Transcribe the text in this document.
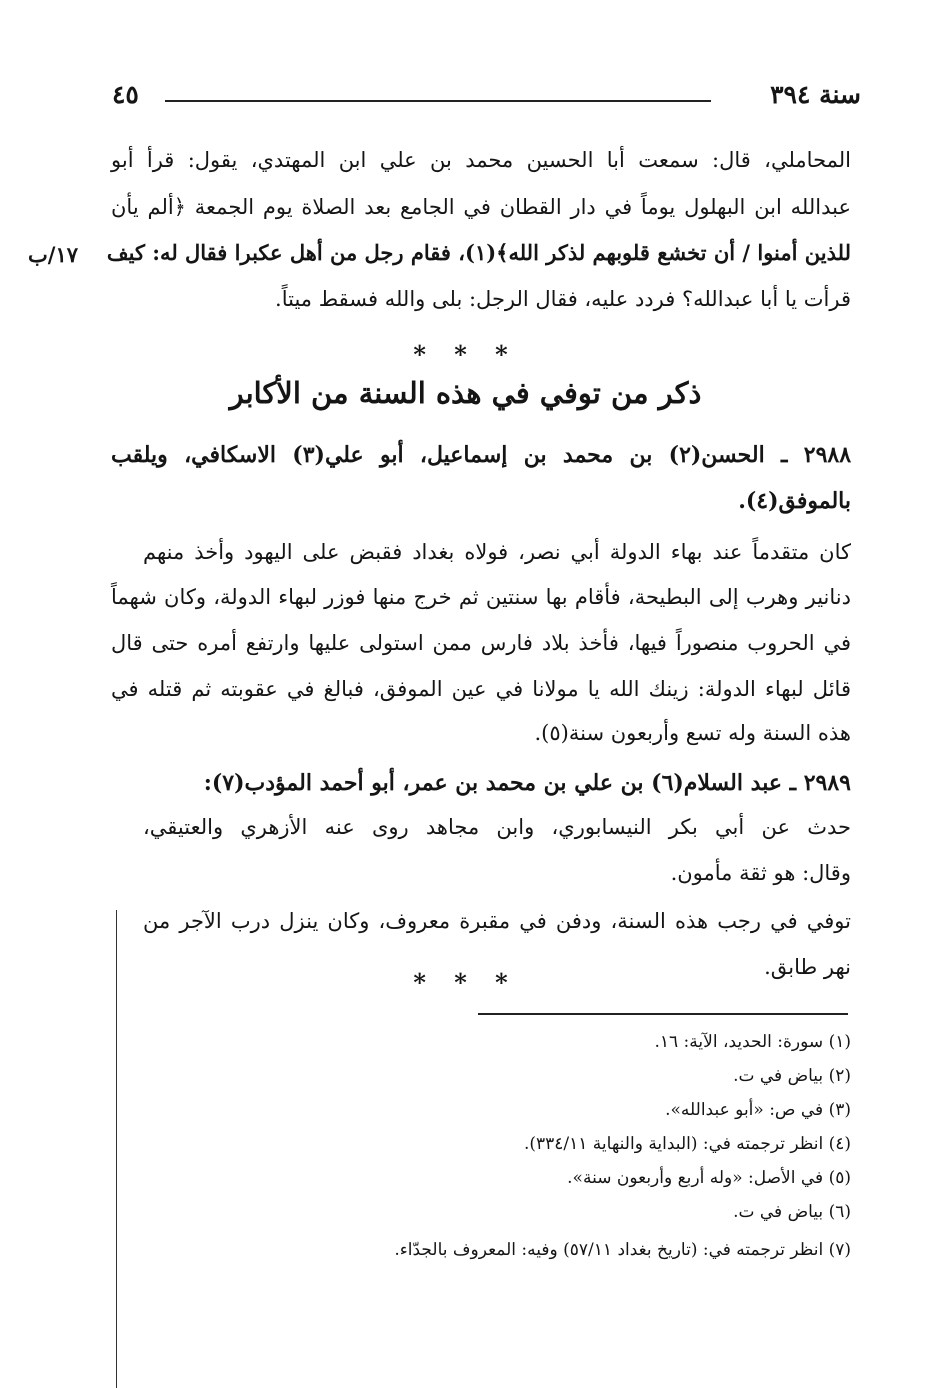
سنة ٣٩٤
٤٥
المحاملي، قال: سمعت أبا الحسين محمد بن علي ابن المهتدي، يقول: قرأ أبو
عبدالله ابن البهلول يوماً في دار القطان في الجامع بعد الصلاة يوم الجمعة ﴿ألم يأن
للذين أمنوا / أن تخشع قلوبهم لذكر الله﴾(١)، فقام رجل من أهل عكبرا فقال له: كيف
قرأت يا أبا عبدالله؟ فردد عليه، فقال الرجل: بلى والله فسقط ميتاً.
١٧/ب
* * *
ذكر من توفي في هذه السنة من الأكابر
٢٩٨٨ ـ الحسن(٢) بن محمد بن إسماعيل، أبو علي(٣) الاسكافي، ويلقب
بالموفق(٤).
كان متقدماً عند بهاء الدولة أبي نصر، فولاه بغداد فقبض على اليهود وأخذ منهم
دنانير وهرب إلى البطيحة، فأقام بها سنتين ثم خرج منها فوزر لبهاء الدولة، وكان شهماً
في الحروب منصوراً فيها، فأخذ بلاد فارس ممن استولى عليها وارتفع أمره حتى قال
قائل لبهاء الدولة: زينك الله يا مولانا في عين الموفق، فبالغ في عقوبته ثم قتله في
هذه السنة وله تسع وأربعون سنة(٥).
٢٩٨٩ ـ عبد السلام(٦) بن علي بن محمد بن عمر، أبو أحمد المؤدب(٧):
حدث عن أبي بكر النيسابوري، وابن مجاهد روى عنه الأزهري والعتيقي،
وقال: هو ثقة مأمون.
توفي في رجب هذه السنة، ودفن في مقبرة معروف، وكان ينزل درب الآجر من
نهر طابق.
* * *
(١) سورة: الحديد، الآية: ١٦.
(٢) بياض في ت.
(٣) في ص: «أبو عبدالله».
(٤) انظر ترجمته في: (البداية والنهاية ٣٣٤/١١).
(٥) في الأصل: «وله أربع وأربعون سنة».
(٦) بياض في ت.
(٧) انظر ترجمته في: (تاريخ بغداد ٥٧/١١) وفيه: المعروف بالجدّاء.
